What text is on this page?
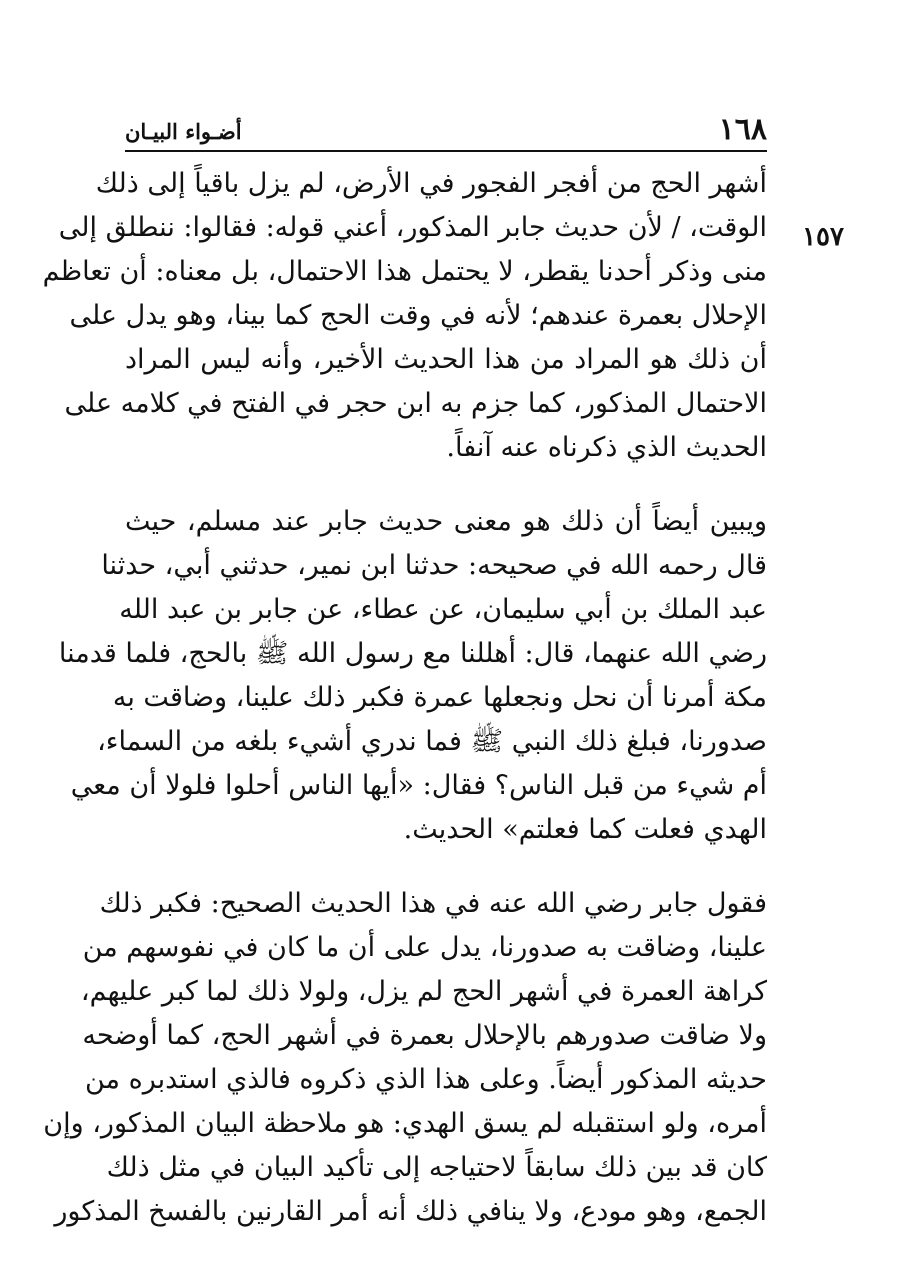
١٦٨
أضـواء البيـان
١٥٧
أشهر الحج من أفجر الفجور في الأرض، لم يزل باقياً إلى ذلك
الوقت، / لأن حديث جابر المذكور، أعني قوله: فقالوا: ننطلق إلى
منى وذكر أحدنا يقطر، لا يحتمل هذا الاحتمال، بل معناه: أن تعاظم
الإحلال بعمرة عندهم؛ لأنه في وقت الحج كما بينا، وهو يدل على
أن ذلك هو المراد من هذا الحديث الأخير، وأنه ليس المراد
الاحتمال المذكور، كما جزم به ابن حجر في الفتح في كلامه على
الحديث الذي ذكرناه عنه آنفاً.
ويبين أيضاً أن ذلك هو معنى حديث جابر عند مسلم، حيث
قال رحمه الله في صحيحه: حدثنا ابن نمير، حدثني أبي، حدثنا
عبد الملك بن أبي سليمان، عن عطاء، عن جابر بن عبد الله
رضي الله عنهما، قال: أهللنا مع رسول الله ﷺ بالحج، فلما قدمنا
مكة أمرنا أن نحل ونجعلها عمرة فكبر ذلك علينا، وضاقت به
صدورنا، فبلغ ذلك النبي ﷺ فما ندري أشيء بلغه من السماء،
أم شيء من قبل الناس؟ فقال: «أيها الناس أحلوا فلولا أن معي
الهدي فعلت كما فعلتم» الحديث.
فقول جابر رضي الله عنه في هذا الحديث الصحيح: فكبر ذلك
علينا، وضاقت به صدورنا، يدل على أن ما كان في نفوسهم من
كراهة العمرة في أشهر الحج لم يزل، ولولا ذلك لما كبر عليهم،
ولا ضاقت صدورهم بالإحلال بعمرة في أشهر الحج، كما أوضحه
حديثه المذكور أيضاً. وعلى هذا الذي ذكروه فالذي استدبره من
أمره، ولو استقبله لم يسق الهدي: هو ملاحظة البيان المذكور، وإن
كان قد بين ذلك سابقاً لاحتياجه إلى تأكيد البيان في مثل ذلك
الجمع، وهو مودع، ولا ينافي ذلك أنه أمر القارنين بالفسخ المذكور
